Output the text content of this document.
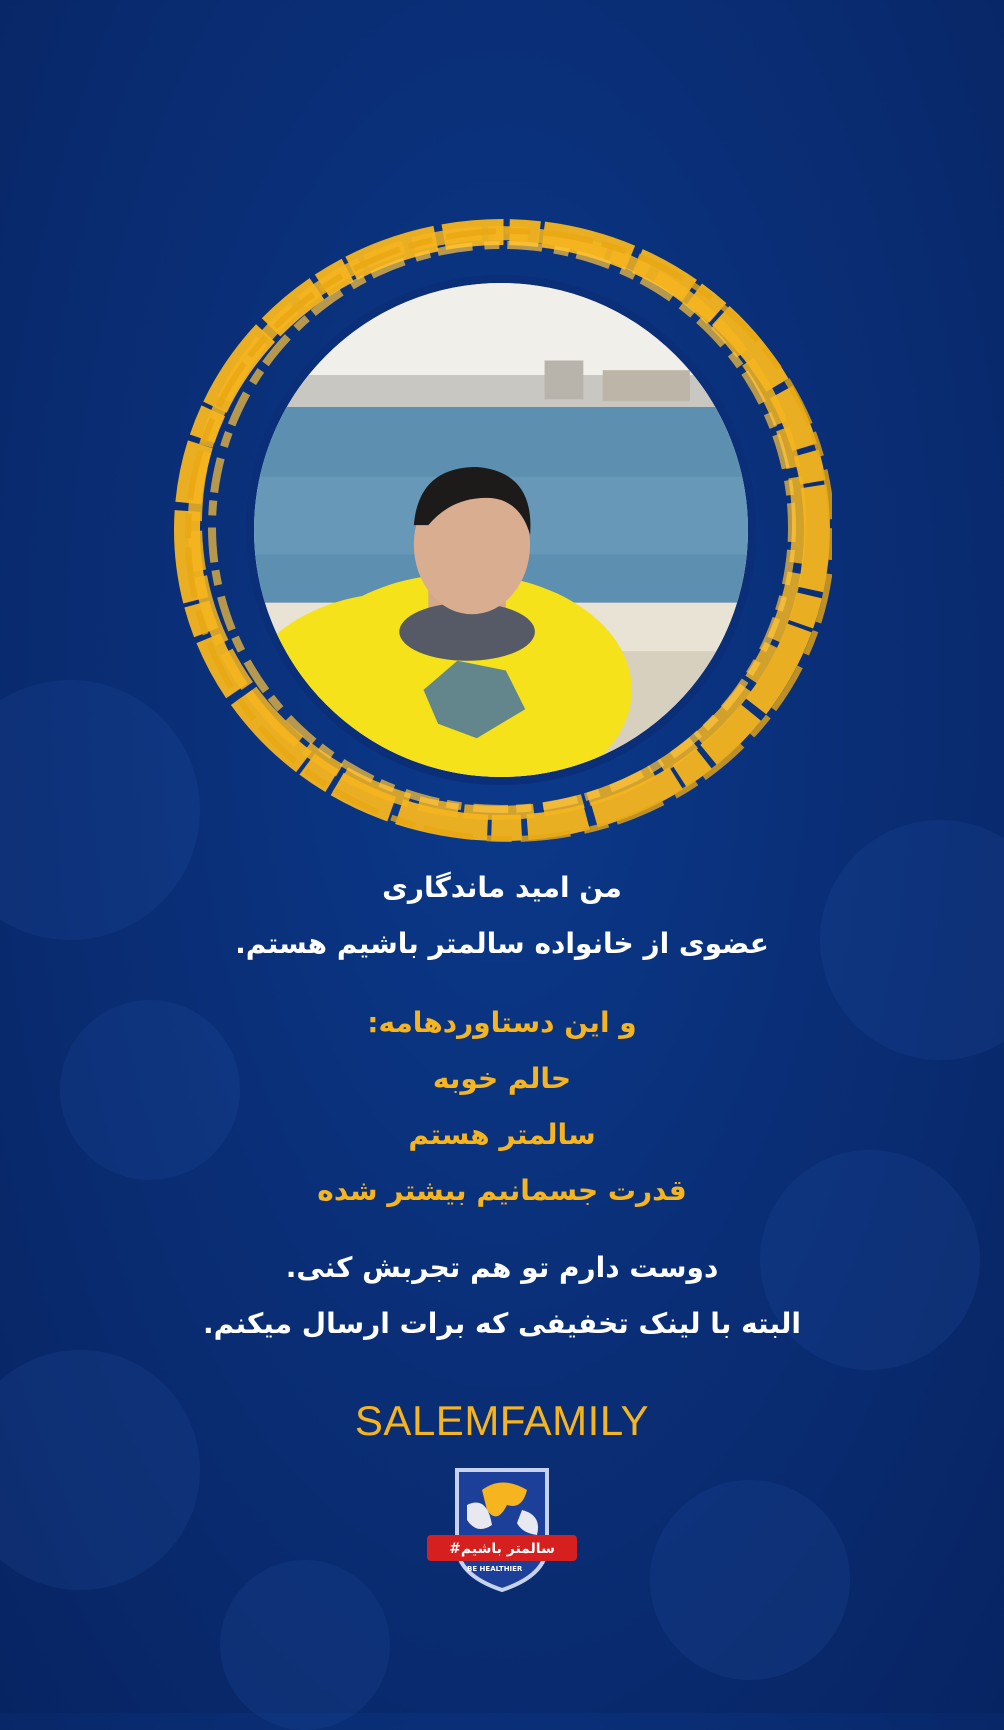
من امید ماندگاری
عضوی از خانواده سالمتر باشیم هستم.
و این دستاوردهامه:
حالم خوبه
سالمتر هستم
قدرت جسمانیم بیشتر شده
دوست دارم تو هم تجربش کنی.
البته با لینک تخفیفی که برات ارسال میکنم.
SALEMFAMILY
#سالمتر باشیم
BE HEALTHIER
